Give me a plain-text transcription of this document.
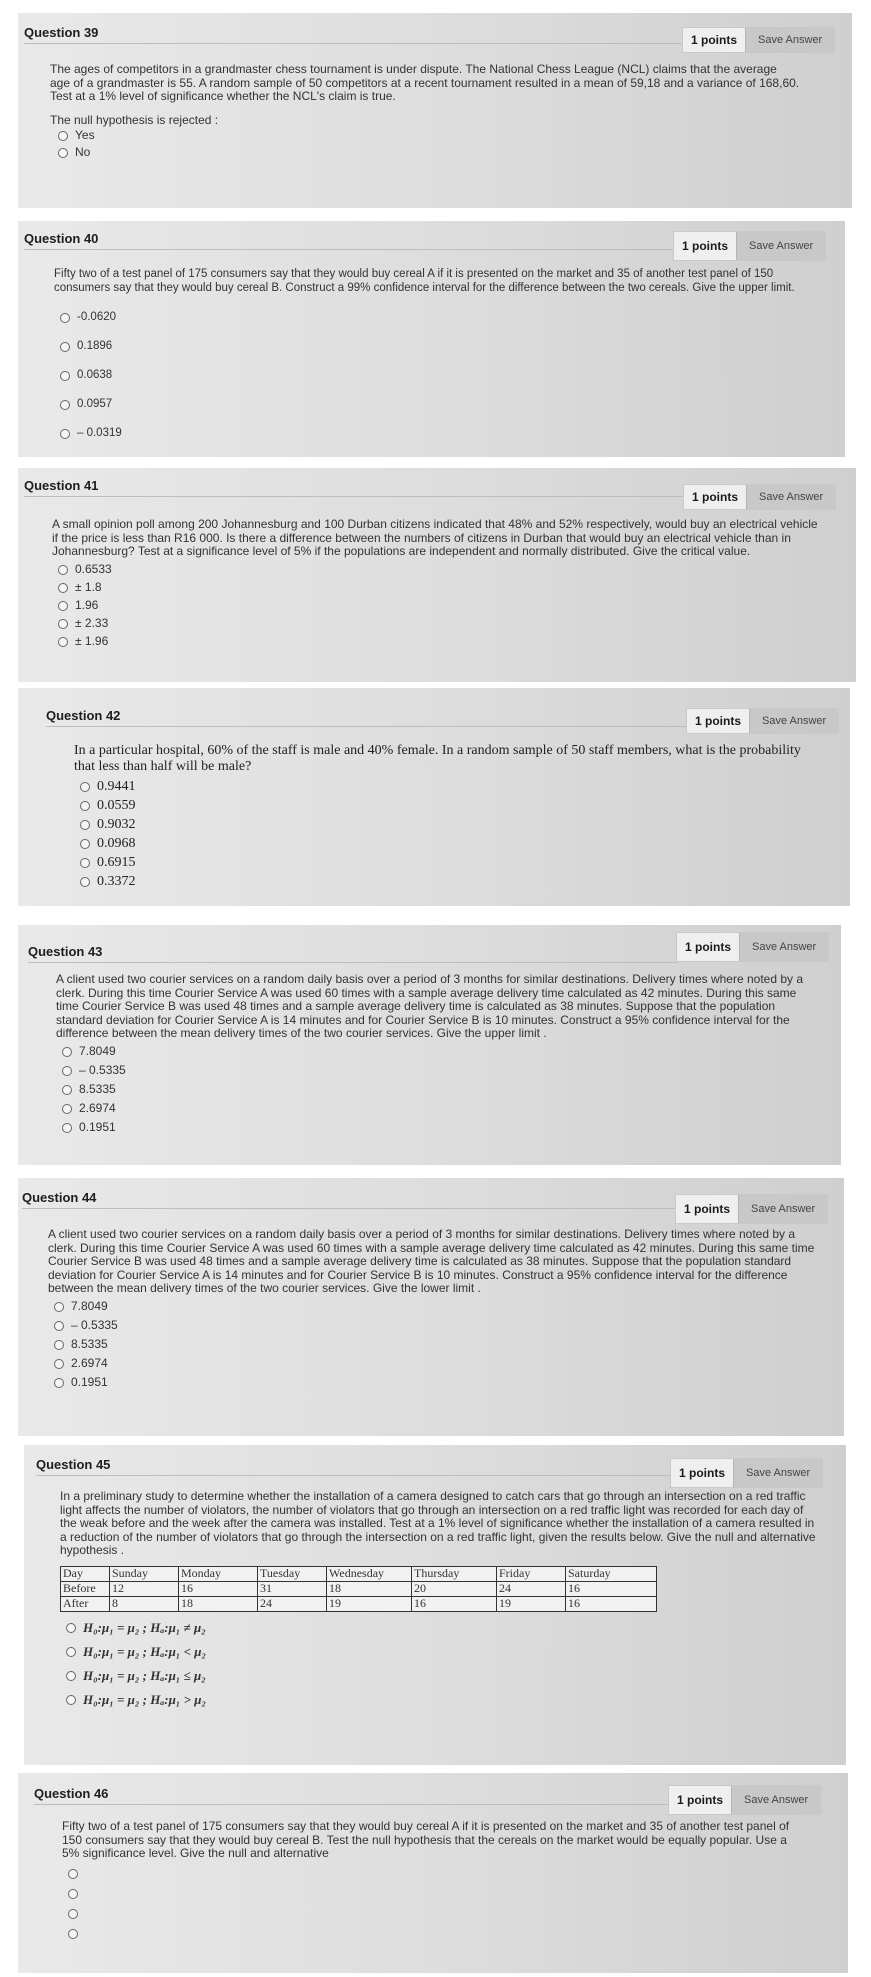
Question 39	1 points	Save Answer
The ages of competitors in a grandmaster chess tournament is under dispute. The National Chess League (NCL) claims that the average age of a grandmaster is 55. A random sample of 50 competitors at a recent tournament resulted in a mean of 59,18 and a variance of 168,60. Test at a 1% level of significance whether the NCL's claim is true.
The null hypothesis is rejected :
Yes
No
Question 40	1 points	Save Answer
Fifty two of a test panel of 175 consumers say that they would buy cereal A if it is presented on the market and 35 of another test panel of 150 consumers say that they would buy cereal B. Construct a 99% confidence interval for the difference between the two cereals. Give the upper limit.
-0.0620
0.1896
0.0638
0.0957
– 0.0319
Question 41
1 points	Save Answer
A small opinion poll among 200 Johannesburg and 100 Durban citizens indicated that 48% and 52% respectively, would buy an electrical vehicle if the price is less than R16 000. Is there a difference between the numbers of citizens in Durban that would buy an electrical vehicle than in Johannesburg? Test at a significance level of 5% if the populations are independent and normally distributed. Give the critical value.
0.6533
± 1.8
1.96
± 2.33
± 1.96
Question 42	1 points	Save Answer
In a particular hospital, 60% of the staff is male and 40% female. In a random sample of 50 staff members, what is the probability that less than half will be male?
0.9441
0.0559
0.9032
0.0968
0.6915
0.3372
Question 43	1 points	Save Answer
A client used two courier services on a random daily basis over a period of 3 months for similar destinations. Delivery times where noted by a clerk. During this time Courier Service A was used 60 times with a sample average delivery time calculated as 42 minutes. During this same time Courier Service B was used 48 times and a sample average delivery time is calculated as 38 minutes. Suppose that the population standard deviation for Courier Service A is 14 minutes and for Courier Service B is 10 minutes. Construct a 95% confidence interval for the difference between the mean delivery times of the two courier services. Give the upper limit .
7.8049
– 0.5335
8.5335
2.6974
0.1951
Question 44
1 points	Save Answer
A client used two courier services on a random daily basis over a period of 3 months for similar destinations. Delivery times where noted by a clerk. During this time Courier Service A was used 60 times with a sample average delivery time calculated as 42 minutes. During this same time Courier Service B was used 48 times and a sample average delivery time is calculated as 38 minutes. Suppose that the population standard deviation for Courier Service A is 14 minutes and for Courier Service B is 10 minutes. Construct a 95% confidence interval for the difference between the mean delivery times of the two courier services. Give the lower limit .
7.8049
– 0.5335
8.5335
2.6974
0.1951
Question 45
1 points	Save Answer
In a preliminary study to determine whether the installation of a camera designed to catch cars that go through an intersection on a red traffic light affects the number of violators, the number of violators that go through an intersection on a red traffic light was recorded for each day of the weak before and the week after the camera was installed. Test at a 1% level of significance whether the installation of a camera resulted in a reduction of the number of violators that go through the intersection on a red traffic light, given the results below. Give the null and alternative hypothesis .
Day	Sunday	Monday	Tuesday	Wednesday	Thursday	Friday	Saturday
Before	12	16	31	18	20	24	16
After	8	18	24	19	16	19	16
H₀:μ₁ = μ₂ ; Hₐ:μ₁ ≠ μ₂
H₀:μ₁ = μ₂ ; Hₐ:μ₁ < μ₂
H₀:μ₁ = μ₂ ; Hₐ:μ₁ ≤ μ₂
H₀:μ₁ = μ₂ ; Hₐ:μ₁ > μ₂
Question 46	1 points	Save Answer
Fifty two of a test panel of 175 consumers say that they would buy cereal A if it is presented on the market and 35 of another test panel of 150 consumers say that they would buy cereal B. Test the null hypothesis that the cereals on the market would be equally popular. Use a 5% significance level. Give the null and alternative
